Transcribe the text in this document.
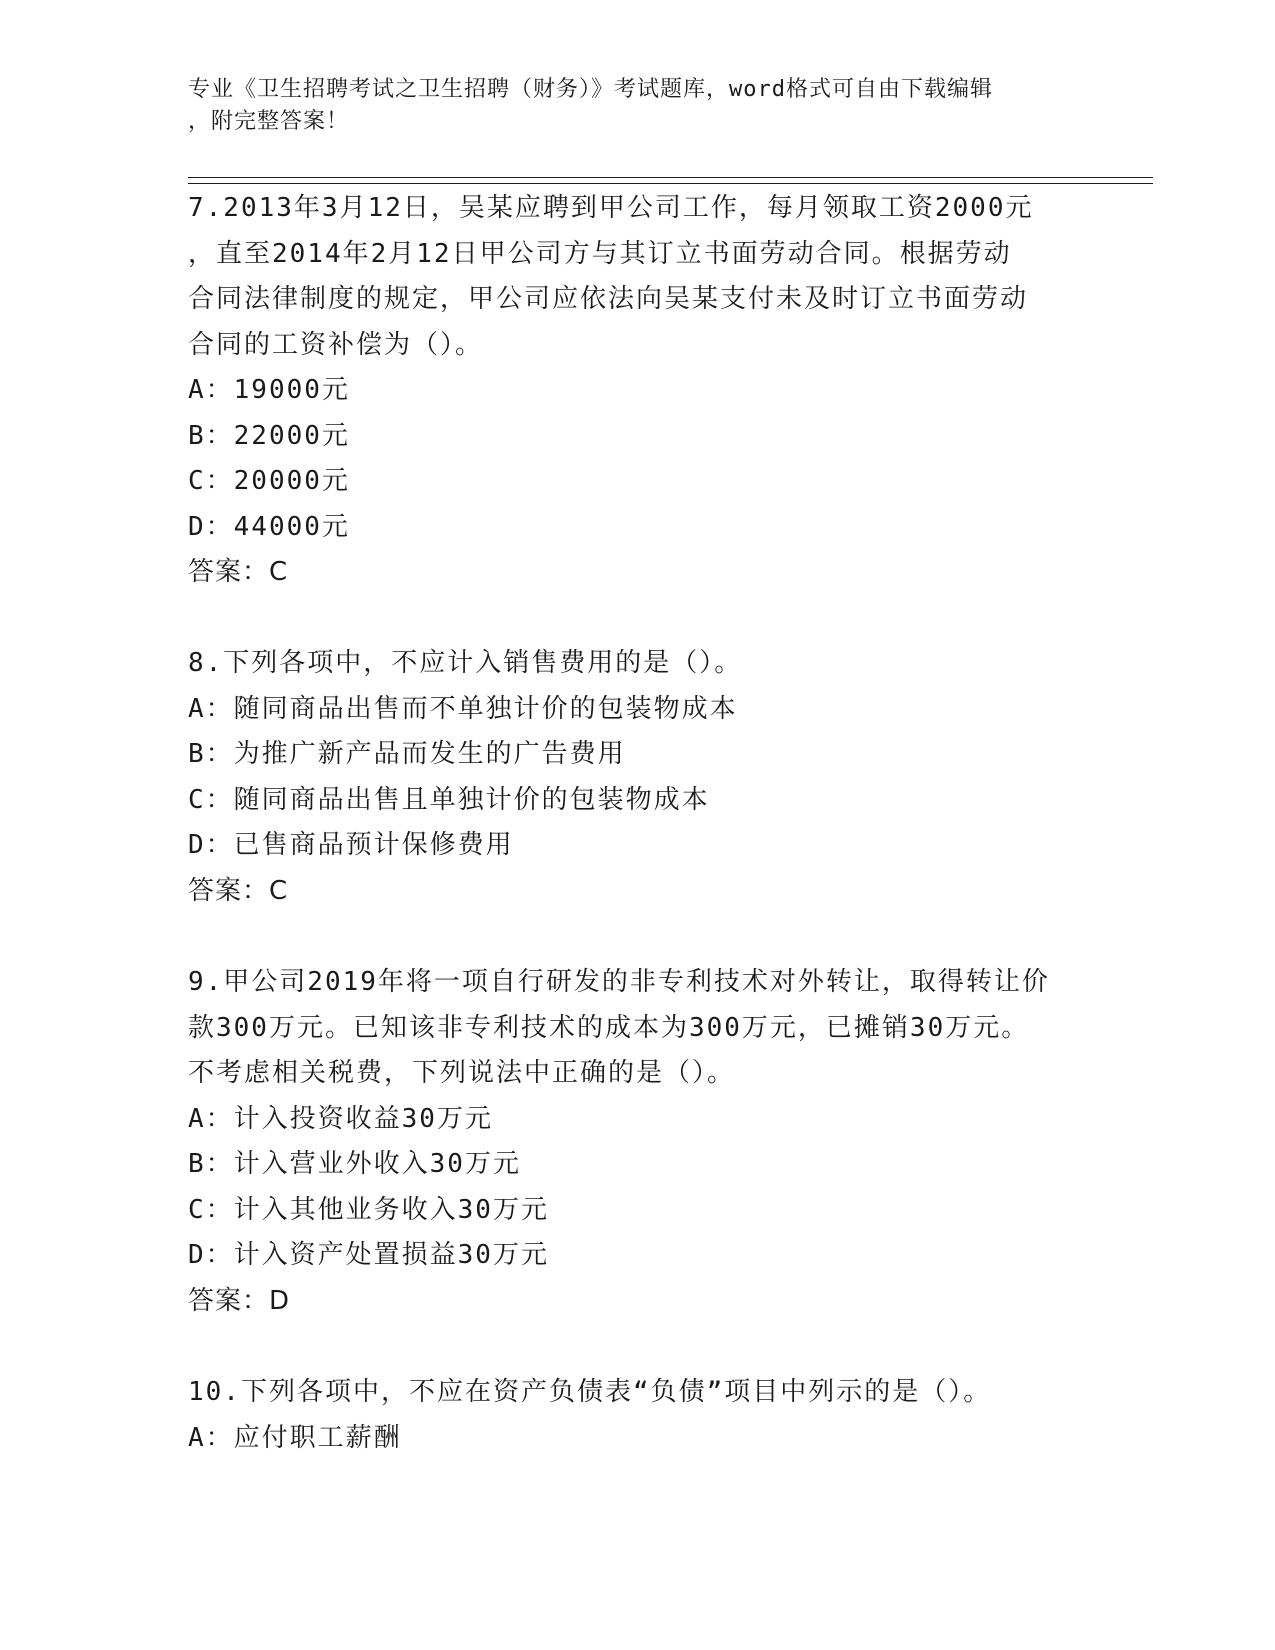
专业《卫生招聘考试之卫生招聘（财务）》考试题库，word格式可自由下载编辑
，附完整答案！

7.2013年3月12日，吴某应聘到甲公司工作，每月领取工资2000元

，直至2014年2月12日甲公司方与其订立书面劳动合同。根据劳动

合同法律制度的规定，甲公司应依法向吴某支付未及时订立书面劳动

合同的工资补偿为（）。

A：19000元

B：22000元

C：20000元

D：44000元

答案：C

8.下列各项中，不应计入销售费用的是（）。

A：随同商品出售而不单独计价的包装物成本

B：为推广新产品而发生的广告费用

C：随同商品出售且单独计价的包装物成本

D：已售商品预计保修费用

答案：C

9.甲公司2019年将一项自行研发的非专利技术对外转让，取得转让价

款300万元。已知该非专利技术的成本为300万元，已摊销30万元。

不考虑相关税费，下列说法中正确的是（）。

A：计入投资收益30万元

B：计入营业外收入30万元

C：计入其他业务收入30万元

D：计入资产处置损益30万元

答案：D

10.下列各项中，不应在资产负债表“负债”项目中列示的是（）。

A：应付职工薪酬
